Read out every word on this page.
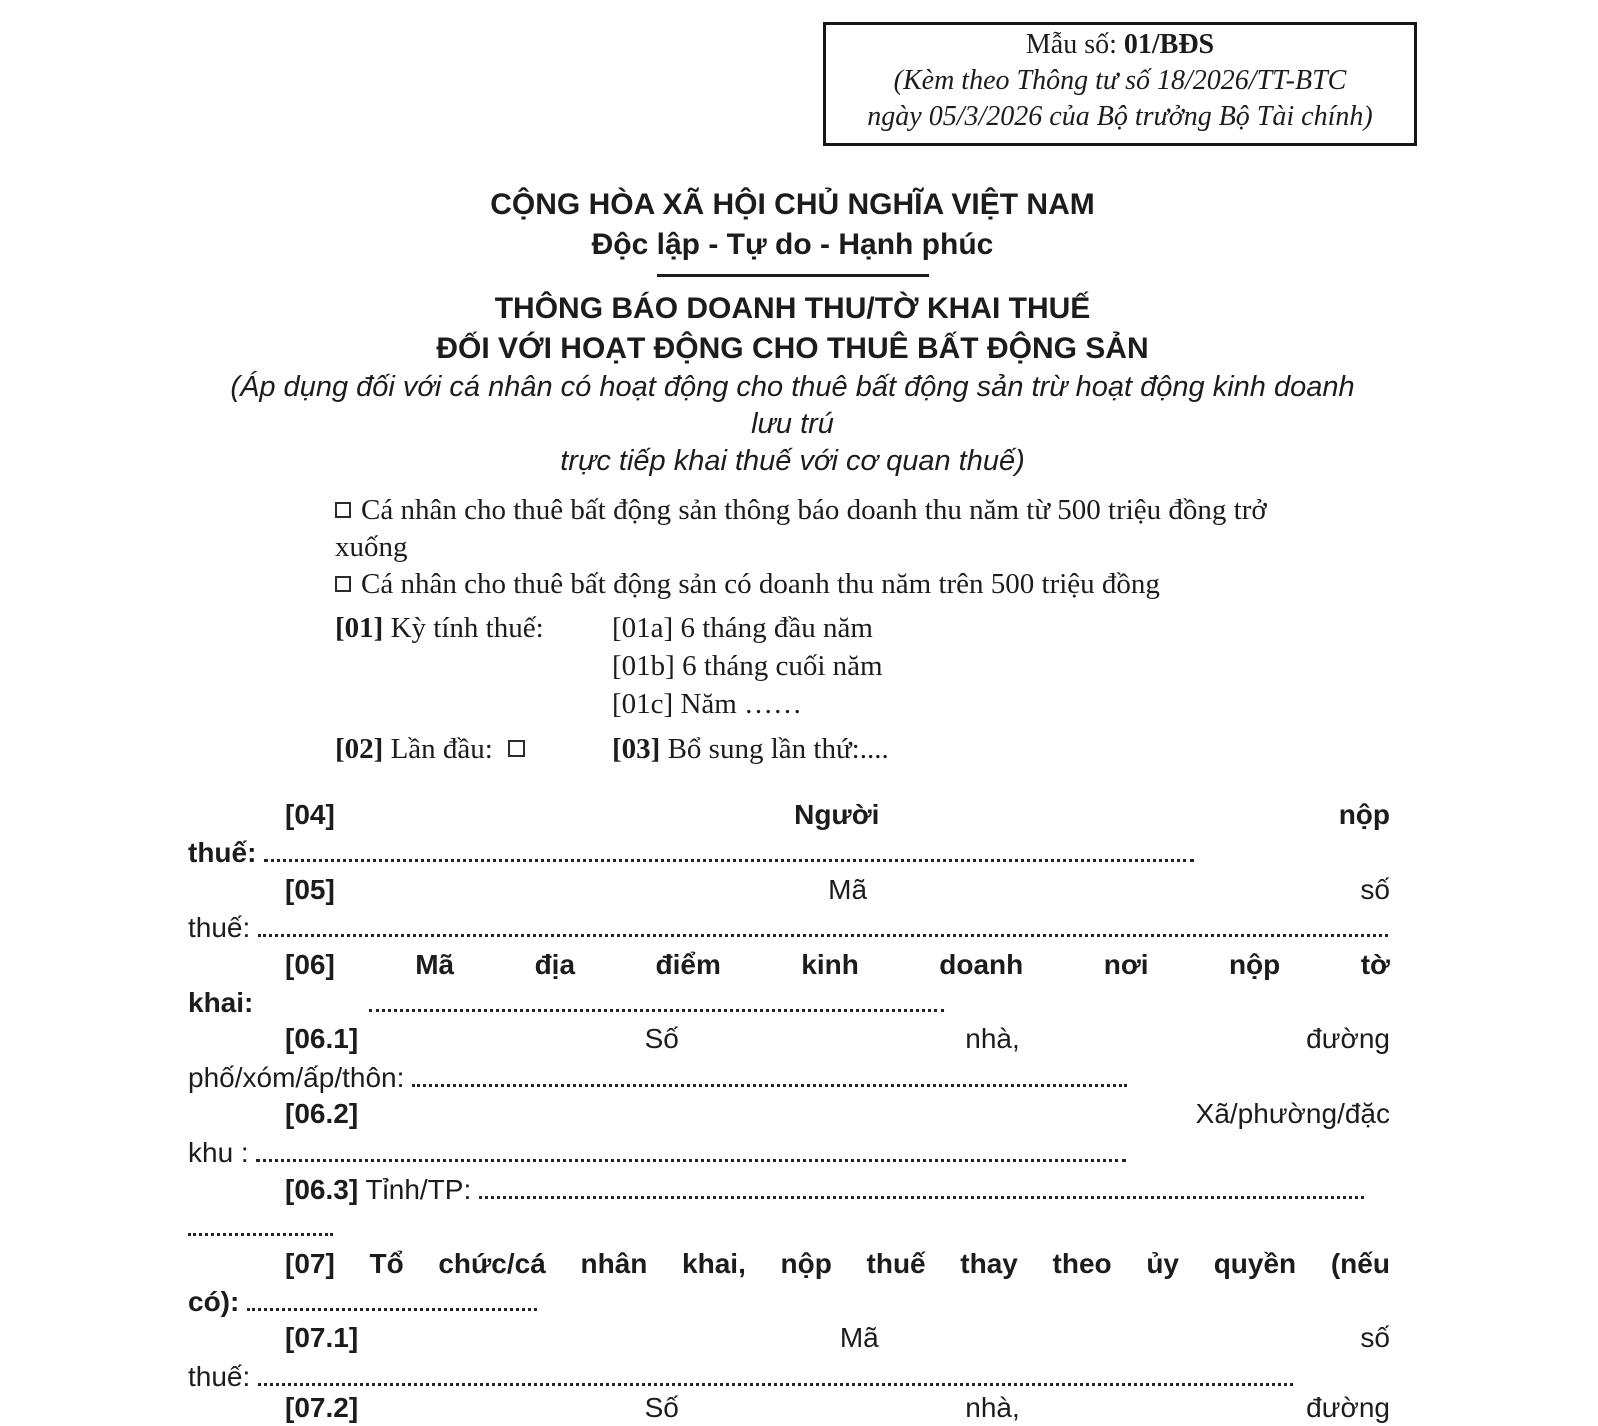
Mẫu số: 01/BĐS
(Kèm theo Thông tư số 18/2026/TT-BTC
ngày 05/3/2026 của Bộ trưởng Bộ Tài chính)
CỘNG HÒA XÃ HỘI CHỦ NGHĨA VIỆT NAM
Độc lập - Tự do - Hạnh phúc
THÔNG BÁO DOANH THU/TỜ KHAI THUẾ
ĐỐI VỚI HOẠT ĐỘNG CHO THUÊ BẤT ĐỘNG SẢN
(Áp dụng đối với cá nhân có hoạt động cho thuê bất động sản trừ hoạt động kinh doanh
lưu trú
trực tiếp khai thuế với cơ quan thuế)
Cá nhân cho thuê bất động sản thông báo doanh thu năm từ 500 triệu đồng trở
xuống
Cá nhân cho thuê bất động sản có doanh thu năm trên 500 triệu đồng
[01] Kỳ tính thuế:	[01a] 6 tháng đầu năm
[01b] 6 tháng cuối năm
[01c] Năm ……
[02] Lần đầu:	[03] Bổ sung lần thứ:....
[04]	Người	nộp
thuế:
[05]	Mã	số
thuế:
[06]	Mã	địa	điểm	kinh	doanh	nơi	nộp	tờ
khai:
[06.1]	Số	nhà,	đường
phố/xóm/ấp/thôn:
[06.2]	Xã/phường/đặc
khu :
[06.3] Tỉnh/TP:
[07] Tổ chức/cá nhân khai, nộp thuế thay theo ủy quyền (nếu
có):
[07.1]	Mã	số
thuế:
[07.2]	Số	nhà,	đường
